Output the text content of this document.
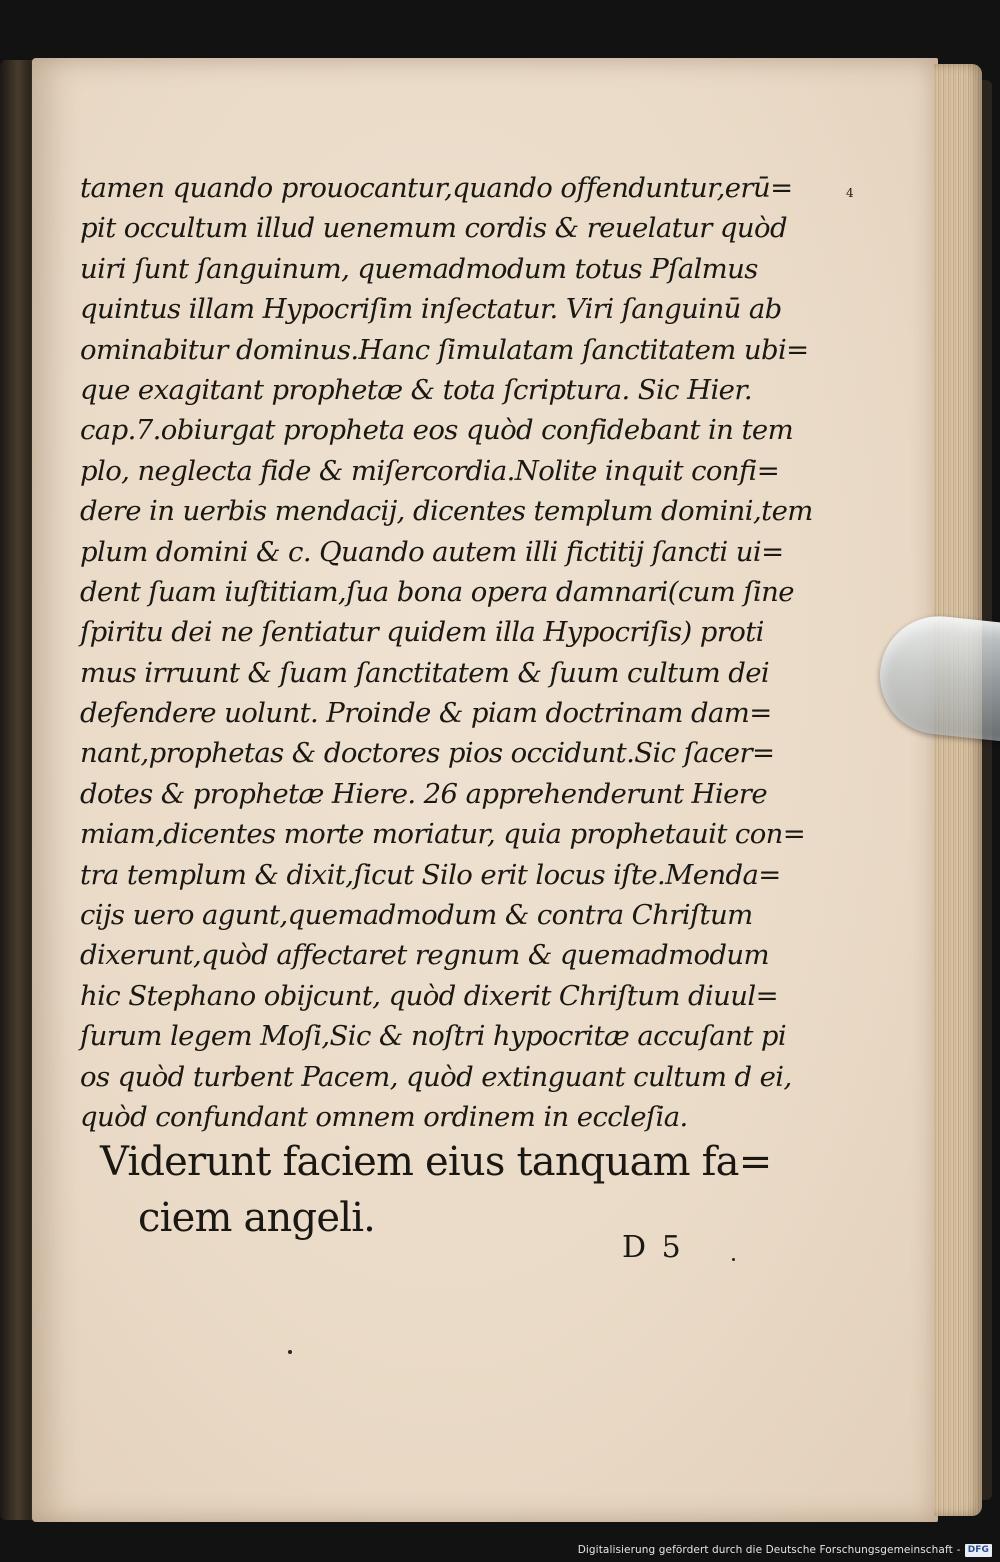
4
tamen quando prouocantur,quando offenduntur,erū=
pit occultum illud uenemum cordis & reuelatur quòd
uiri ſunt ſanguinum, quemadmodum totus Pſalmus
quintus illam Hypocriſim inſectatur. Viri ſanguinū ab
ominabitur dominus.Hanc ſimulatam ſanctitatem ubi=
que exagitant prophetæ & tota ſcriptura. Sic Hier.
cap.7.obiurgat propheta eos quòd confidebant in tem
plo, neglecta fide & miſercordia.Nolite inquit confi=
dere in uerbis mendacij, dicentes templum domini,tem
plum domini & c. Quando autem illi fictitij ſancti ui=
dent ſuam iuſtitiam,ſua bona opera damnari(cum ſine
ſpiritu dei ne ſentiatur quidem illa Hypocriſis) proti
mus irruunt & ſuam ſanctitatem & ſuum cultum dei
defendere uolunt. Proinde & piam doctrinam dam=
nant,prophetas & doctores pios occidunt.Sic ſacer=
dotes & prophetæ Hiere. 26 apprehenderunt Hiere
miam,dicentes morte moriatur, quia prophetauit con=
tra templum & dixit,ſicut Silo erit locus iſte.Menda=
cijs uero agunt,quemadmodum & contra Chriſtum
dixerunt,quòd affectaret regnum & quemadmodum
hic Stephano obijcunt, quòd dixerit Chriſtum diuul=
ſurum legem Moſi,Sic & noſtri hypocritæ accuſant pi
os quòd turbent Pacem, quòd extinguant cultum d ei,
quòd confundant omnem ordinem in eccleſia.
Viderunt faciem eius tanquam fa=
ciem angeli.
D 5
Digitalisierung gefördert durch die Deutsche Forschungsgemeinschaft - DFG
